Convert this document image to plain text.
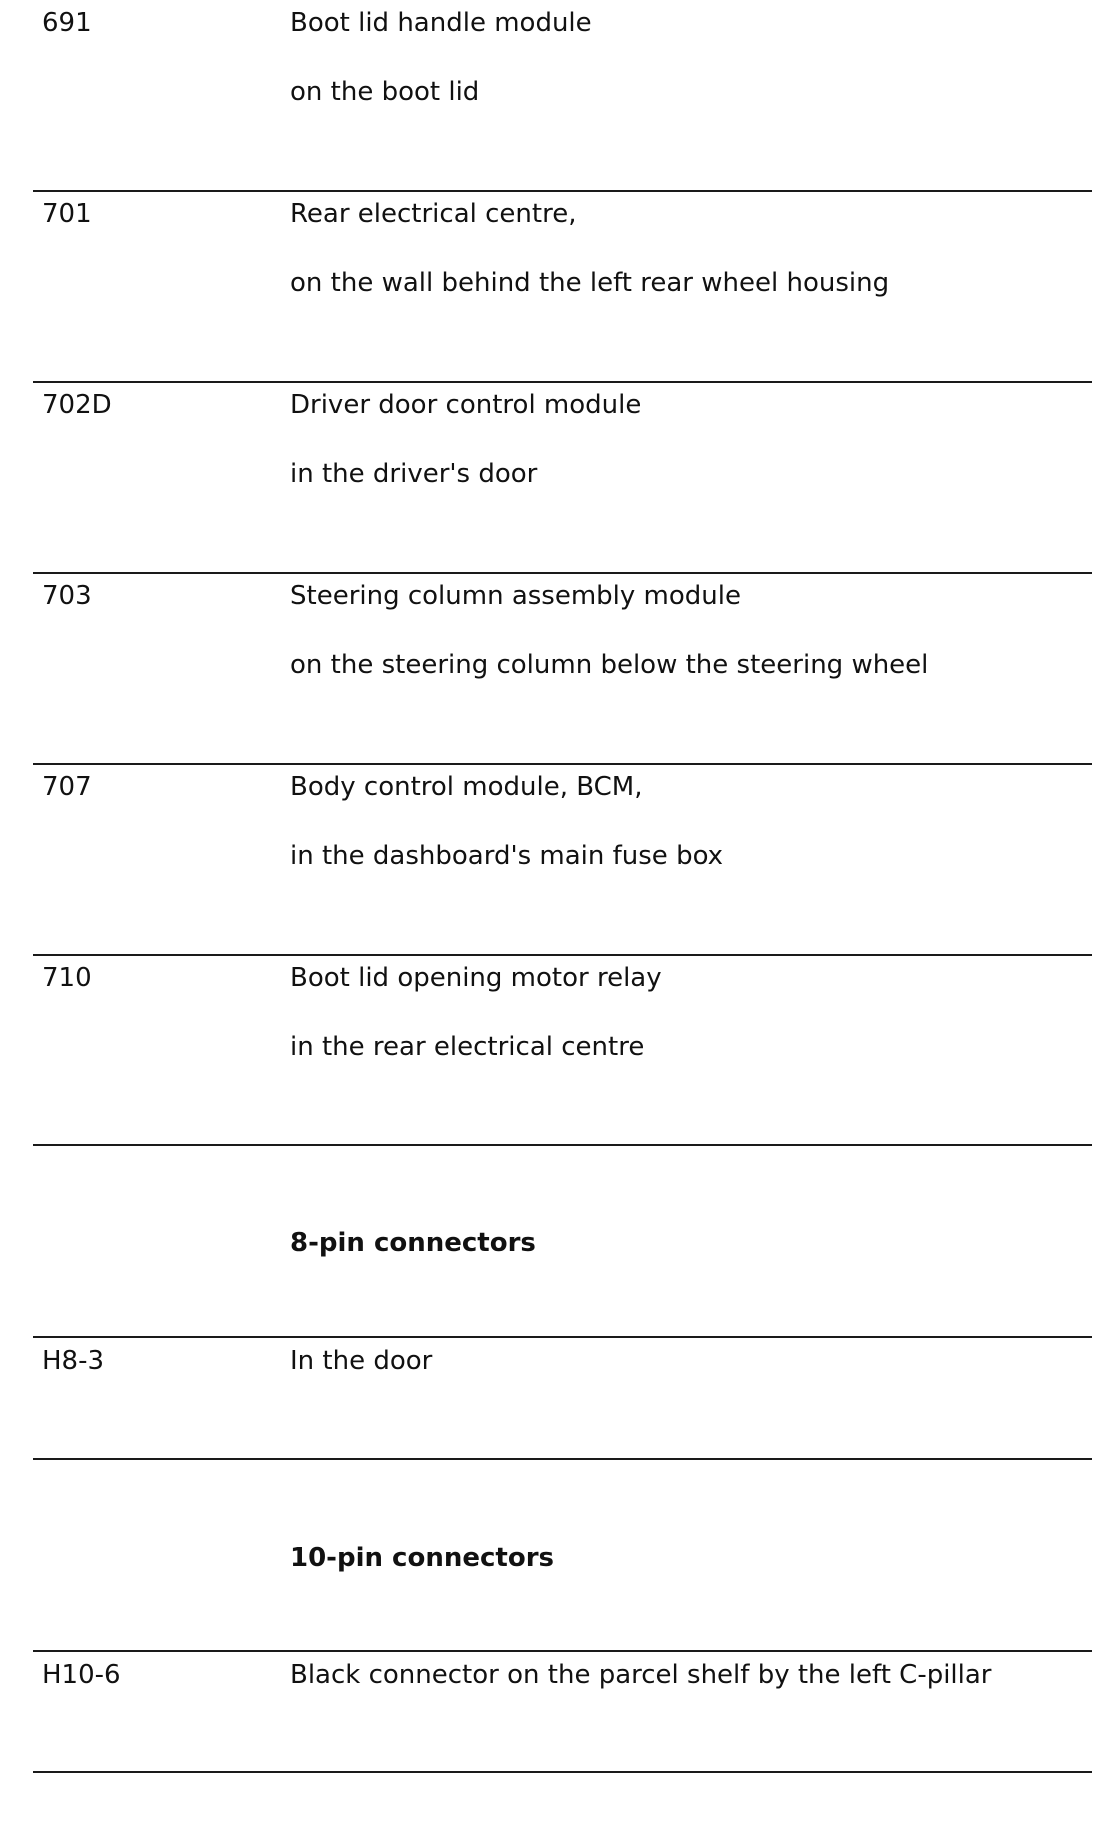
691	Boot lid handle module
on the boot lid
701	Rear electrical centre,
on the wall behind the left rear wheel housing
702D	Driver door control module
in the driver's door
703	Steering column assembly module
on the steering column below the steering wheel
707	Body control module, BCM,
in the dashboard's main fuse box
710	Boot lid opening motor relay
in the rear electrical centre
8-pin connectors
H8-3	In the door
10-pin connectors
H10-6	Black connector on the parcel shelf by the left C-pillar
